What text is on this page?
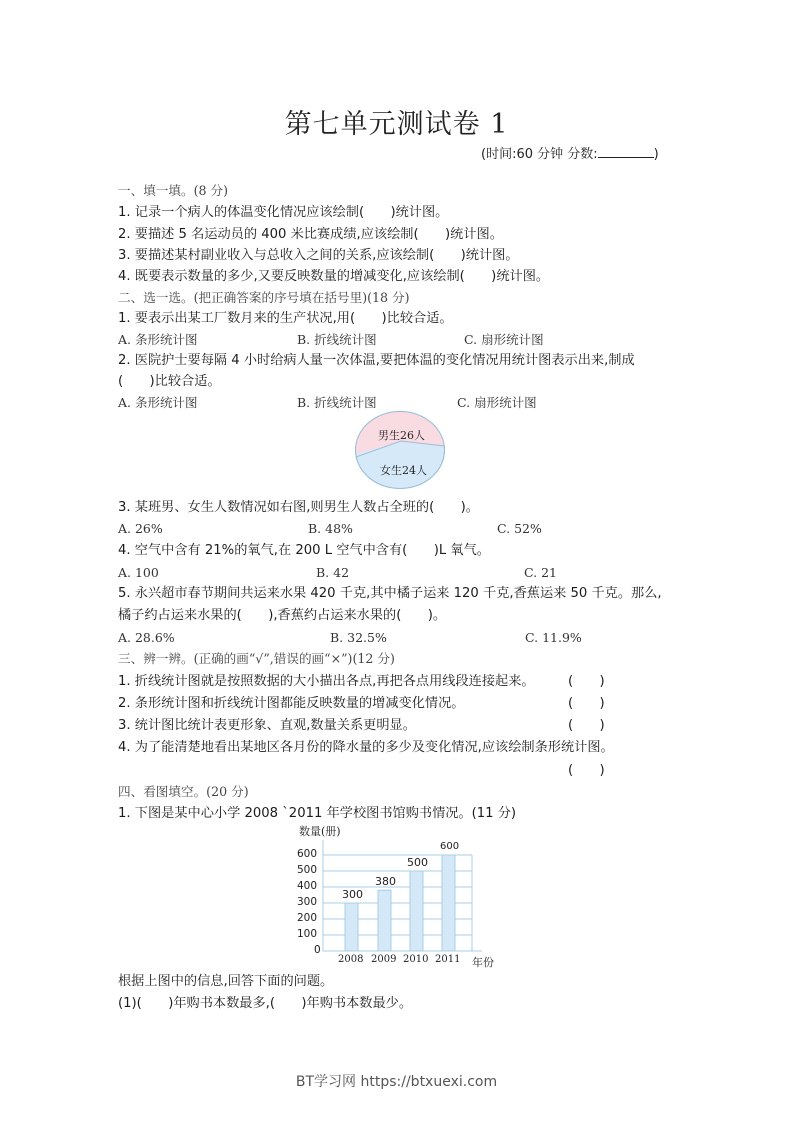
第七单元测试卷 1
(时间:60 分钟 分数:	)
一、填一填。(8 分)
1. 记录一个病人的体温变化情况应该绘制(　　)统计图。
2. 要描述 5 名运动员的 400 米比赛成绩,应该绘制(　　)统计图。
3. 要描述某村副业收入与总收入之间的关系,应该绘制(　　)统计图。
4. 既要表示数量的多少,又要反映数量的增减变化,应该绘制(　　)统计图。
二、选一选。(把正确答案的序号填在括号里)(18 分)
1. 要表示出某工厂数月来的生产状况,用(　　)比较合适。
A. 条形统计图	B. 折线统计图	C. 扇形统计图
2. 医院护士要每隔 4 小时给病人量一次体温,要把体温的变化情况用统计图表示出来,制成
(　　)比较合适。
A. 条形统计图	B. 折线统计图	C. 扇形统计图
男生26人
女生24人
3. 某班男、女生人数情况如右图,则男生人数占全班的(　　)。
A. 26%	B. 48%	C. 52%
4. 空气中含有 21%的氧气,在 200 L 空气中含有(　　)L 氧气。
A. 100	B. 42	C. 21
5. 永兴超市春节期间共运来水果 420 千克,其中橘子运来 120 千克,香蕉运来 50 千克。那么,
橘子约占运来水果的(　　),香蕉约占运来水果的(　　)。
A. 28.6%	B. 32.5%	C. 11.9%
三、辨一辨。(正确的画“√”,错误的画“×”)(12 分)
1. 折线统计图就是按照数据的大小描出各点,再把各点用线段连接起来。	(　　)
2. 条形统计图和折线统计图都能反映数量的增减变化情况。	(　　)
3. 统计图比统计表更形象、直观,数量关系更明显。	(　　)
4. 为了能清楚地看出某地区各月份的降水量的多少及变化情况,应该绘制条形统计图。
(　　)
四、看图填空。(20 分)
1. 下图是某中心小学 2008 ˋ2011 年学校图书馆购书情况。(11 分)
数量(册)
600
500
400
300
200
100
0
300
380
500
600
2008 2009 2010 2011 年份
根据上图中的信息,回答下面的问题。
(1)(　　)年购书本数最多,(　　)年购书本数最少。
BT学习网 https://btxuexi.com
